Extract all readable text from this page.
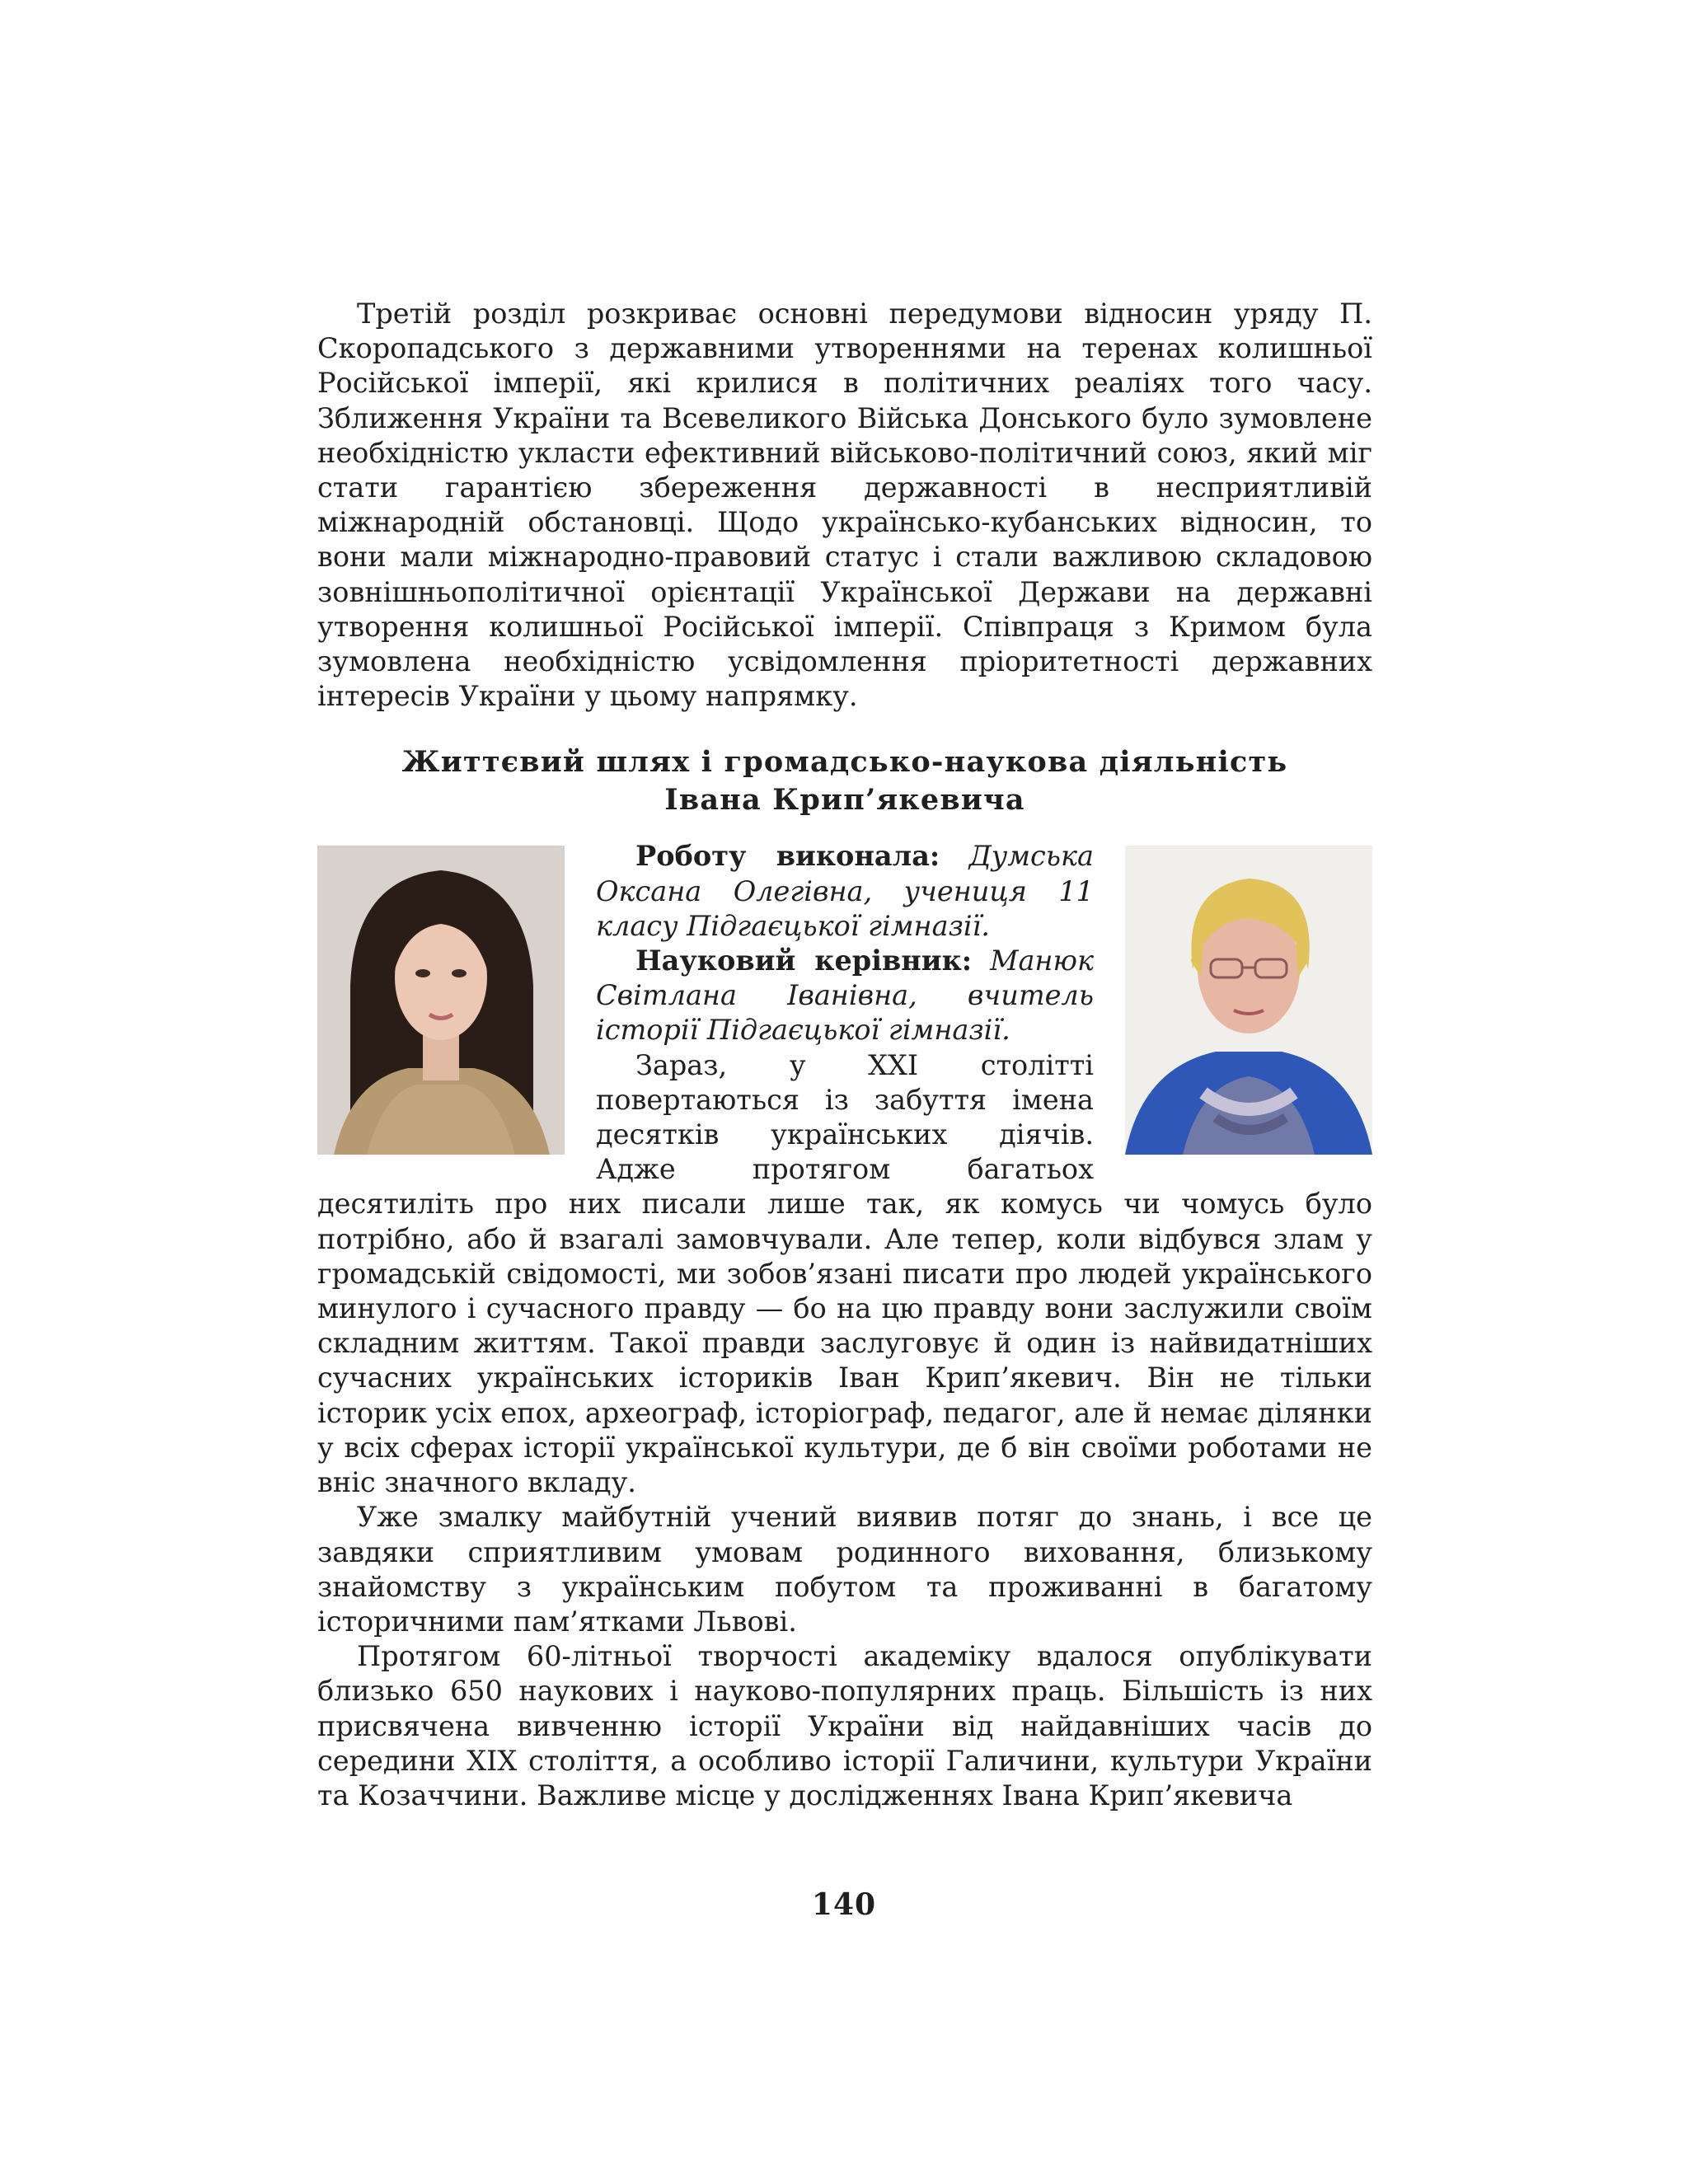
Третій розділ розкриває основні передумови відносин уряду П. Скоропадського з державними утвореннями на теренах колишньої Російської імперії, які крилися в політичних реаліях того часу. Зближення України та Всевеликого Війська Донського було зумовлене необхідністю укласти ефективний військово-політичний союз, який міг стати гарантією збереження державності в несприятливій міжнародній обстановці. Щодо українсько-кубанських відносин, то вони мали міжнародно-правовий статус і стали важливою складовою зовнішньополітичної орієнтації Української Держави на державні утворення колишньої Російської імперії. Співпраця з Кримом була зумовлена необхідністю усвідомлення пріоритетності державних інтересів України у цьому напрямку.

Життєвий шлях і громадсько-наукова діяльність
Івана Крип’якевича

Роботу виконала: Думська Оксана Олегівна, учениця 11 класу Підгаєцької гімназії.

Науковий керівник: Манюк Світлана Іванівна, вчитель історії Підгаєцької гімназії.

Зараз, у XXI столітті повертаються із забуття імена десятків українських діячів. Адже протягом багатьох десятиліть про них писали лише так, як комусь чи чомусь було потрібно, або й взагалі замовчували. Але тепер, коли відбувся злам у громадській свідомості, ми зобов’язані писати про людей українського минулого і сучасного правду — бо на цю правду вони заслужили своїм складним життям. Такої правди заслуговує й один із найвидатніших сучасних українських істориків Іван Крип’якевич. Він не тільки історик усіх епох, археограф, історіограф, педагог, але й немає ділянки у всіх сферах історії української культури, де б він своїми роботами не вніс значного вкладу.

Уже змалку майбутній учений виявив потяг до знань, і все це завдяки сприятливим умовам родинного виховання, близькому знайомству з українським побутом та проживанні в багатому історичними пам’ятками Львові.

Протягом 60-літньої творчості академіку вдалося опублікувати близько 650 наукових і науково-популярних праць. Більшість із них присвячена вивченню історії України від найдавніших часів до середини XIX століття, а особливо історії Галичини, культури України та Козаччини. Важливе місце у дослідженнях Івана Крип’якевича

140
